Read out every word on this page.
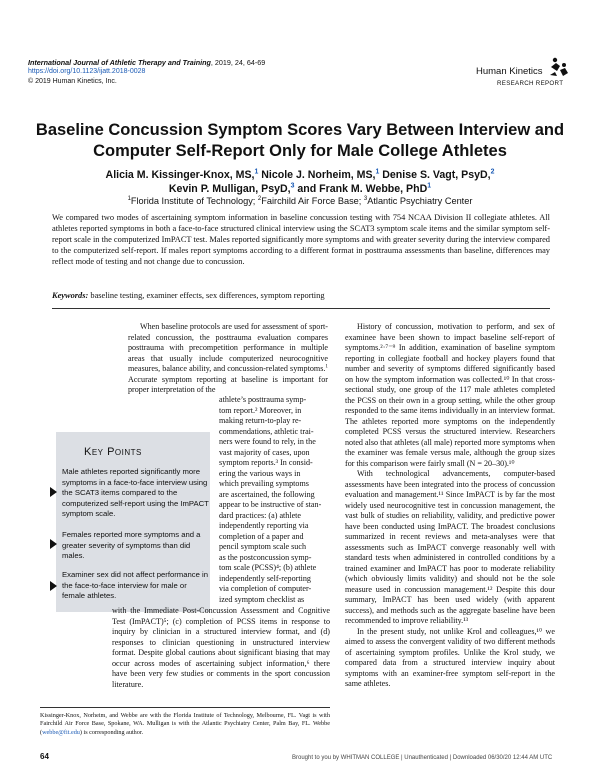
International Journal of Athletic Therapy and Training, 2019, 24, 64-69
https://doi.org/10.1123/ijatt.2018-0028
© 2019 Human Kinetics, Inc.
Human Kinetics
RESEARCH REPORT
Baseline Concussion Symptom Scores Vary Between Interview and
Computer Self-Report Only for Male College Athletes
Alicia M. Kissinger-Knox, MS,$^1$ Nicole J. Norheim, MS,$^1$ Denise S. Vagt, PsyD,$^2$
Kevin P. Mulligan, PsyD,$^3$ and Frank M. Webbe, PhD$^1$
$^1$Florida Institute of Technology; $^2$Fairchild Air Force Base; $^3$Atlantic Psychiatry Center
We compared two modes of ascertaining symptom information in baseline concussion testing with 754 NCAA Division II collegiate athletes. All athletes reported symptoms in both a face-to-face structured clinical interview using the SCAT3 symptom scale items and the similar symptom self-report scale in the computerized ImPACT test. Males reported significantly more symptoms and with greater severity during the interview compared to the computerized self-report. If males report symptoms according to a different format in posttrauma assessments than baseline, differences may reflect mode of testing and not change due to concussion.
Keywords: baseline testing, examiner effects, sex differences, symptom reporting
Key Points
Male athletes reported significantly more symptoms in a face-to-face interview using the SCAT3 items compared to the computerized self-report using the ImPACT symptom scale.
Females reported more symptoms and a greater severity of symptoms than did males.
Examiner sex did not affect performance in the face-to-face interview for male or female athletes.

When baseline protocols are used for assessment of sport-related concussion, the posttrauma evaluation compares posttrauma with precompetition performance in multiple areas that usually include computerized neurocognitive measures, balance ability, and concussion-related symptoms.$^1$ Accurate symptom reporting at baseline is important for proper interpretation of the

athlete’s posttrauma symp-
tom report.² Moreover, in
making return-to-play re-
commendations, athletic trai-
ners were found to rely, in the
vast majority of cases, upon
symptom reports.³ In consid-
ering the various ways in
which prevailing symptoms
are ascertained, the following
appear to be instructive of stan-
dard practices: (a) athlete
independently reporting via
completion of a paper and
pencil symptom scale such
as the postconcussion symp-
tom scale (PCSS)⁴; (b) athlete
independently self-reporting
via completion of computer-
ized symptom checklist as
with the Immediate Post-Concussion Assessment and Cognitive Test (ImPACT)⁵; (c) completion of PCSS items in response to inquiry by clinician in a structured interview format, and (d) responses to clinician questioning in unstructured interview format. Despite global cautions about significant biasing that may occur across modes of ascertaining subject information,⁶ there have been very few studies or comments in the sport concussion literature.

History of concussion, motivation to perform, and sex of examinee have been shown to impact baseline self-report of symptoms.²·⁷⁻⁹ In addition, examination of baseline symptom reporting in collegiate football and hockey players found that number and severity of symptoms differed significantly based on how the symptom information was collected.¹⁰ In that cross-sectional study, one group of the 117 male athletes completed the PCSS on their own in a group setting, while the other group responded to the same items individually in an interview format. The athletes reported more symptoms on the independently completed PCSS versus the structured interview. Researchers noted also that athletes (all male) reported more symptoms when the examiner was female versus male, although the group sizes for this comparison were fairly small (N = 20–30).¹⁰

With technological advancements, computer-based assessments have been integrated into the process of concussion evaluation and management.¹¹ Since ImPACT is by far the most widely used neurocognitive test in concussion management, the vast bulk of studies on reliability, validity, and predictive power have been conducted using ImPACT. The broadest conclusions summarized in recent reviews and meta-analyses were that assessments such as ImPACT converge reasonably well with standard tests when administered in controlled conditions by a trained examiner and ImPACT has poor to moderate reliability (which obviously limits validity) and should not be the sole measure used in concussion management.¹² Despite this dour summary, ImPACT has been used widely (with apparent success), and methods such as the aggregate baseline have been recommended to improve reliability.¹³

In the present study, not unlike Krol and colleagues,¹⁰ we aimed to assess the convergent validity of two different methods of ascertaining symptom profiles. Unlike the Krol study, we compared data from a structured interview inquiry about symptoms with an examiner-free symptom self-report in the same athletes.

Kissinger-Knox, Norheim, and Webbe are with the Florida Institute of Technology, Melbourne, FL. Vagt is with Fairchild Air Force Base, Spokane, WA. Mulligan is with the Atlantic Psychiatry Center, Palm Bay, FL. Webbe (webbe@fit.edu) is corresponding author.
64	Brought to you by WHITMAN COLLEGE | Unauthenticated | Downloaded 06/30/20 12:44 AM UTC
